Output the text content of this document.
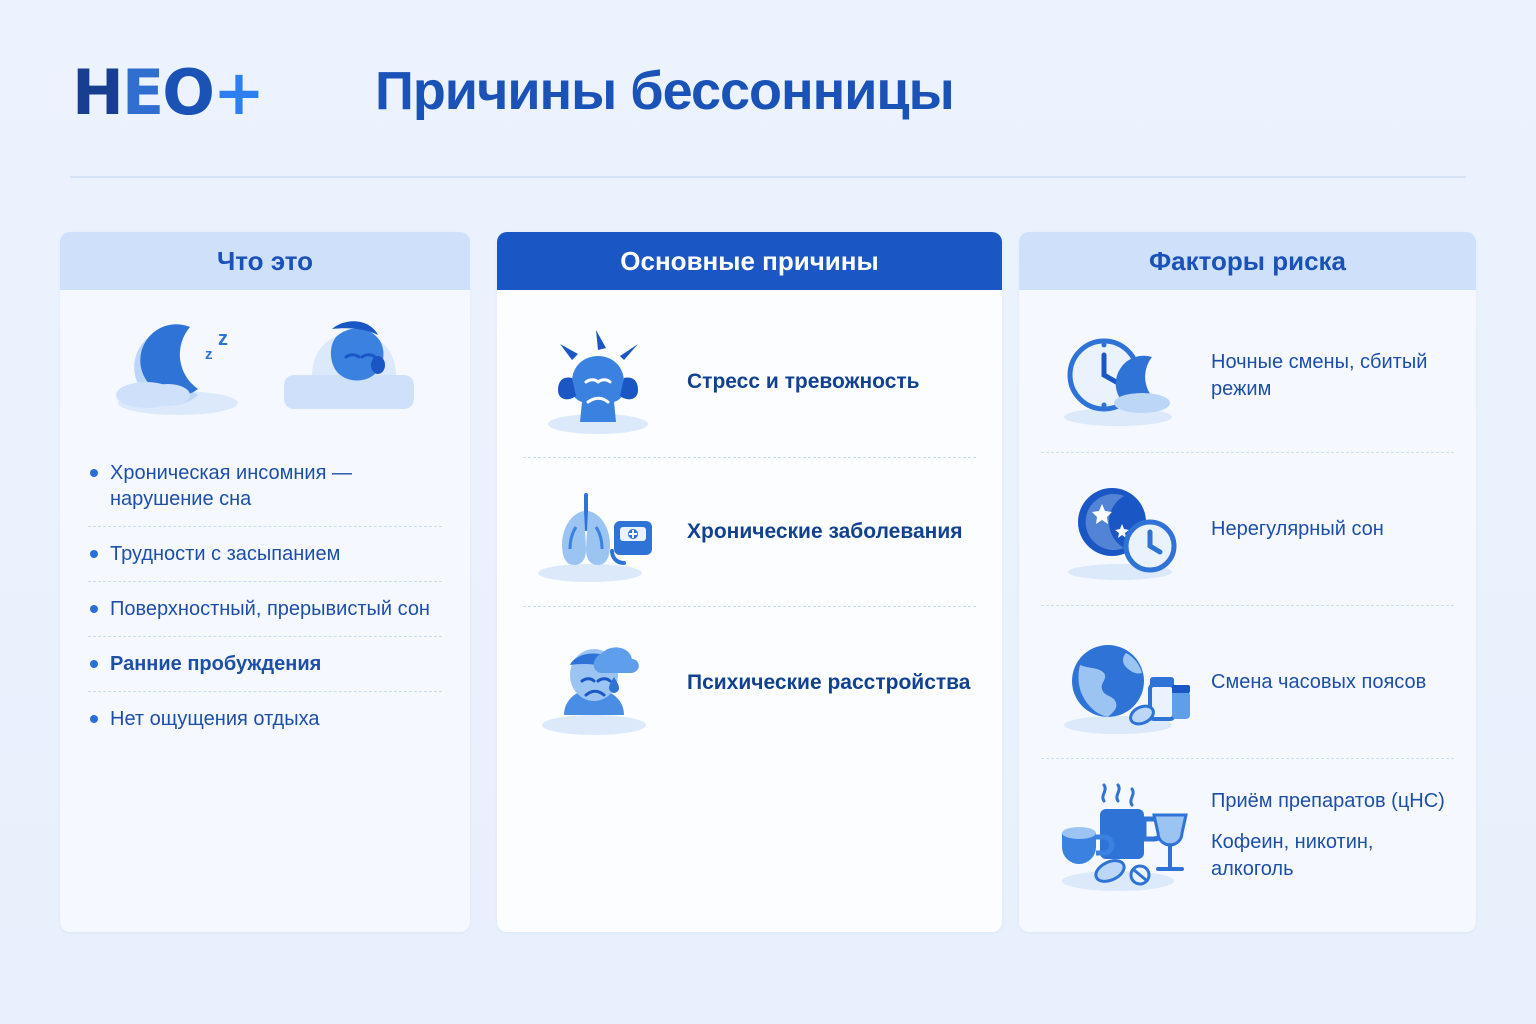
HEO+ Причины бессонницы
Что это
z
z
Хроническая инсомния — нарушение сна
Трудности с засыпанием
Поверхностный, прерывистый сон
Ранние пробуждения
Нет ощущения отдыха
Основные причины
Стресс и тревожность
Хронические заболевания
Психические расстройства
Факторы риска
Ночные смены, сбитый режим
Нерегулярный сон
Смена часовых поясов
Приём препаратов (цНС)
Кофеин, никотин, алкоголь
